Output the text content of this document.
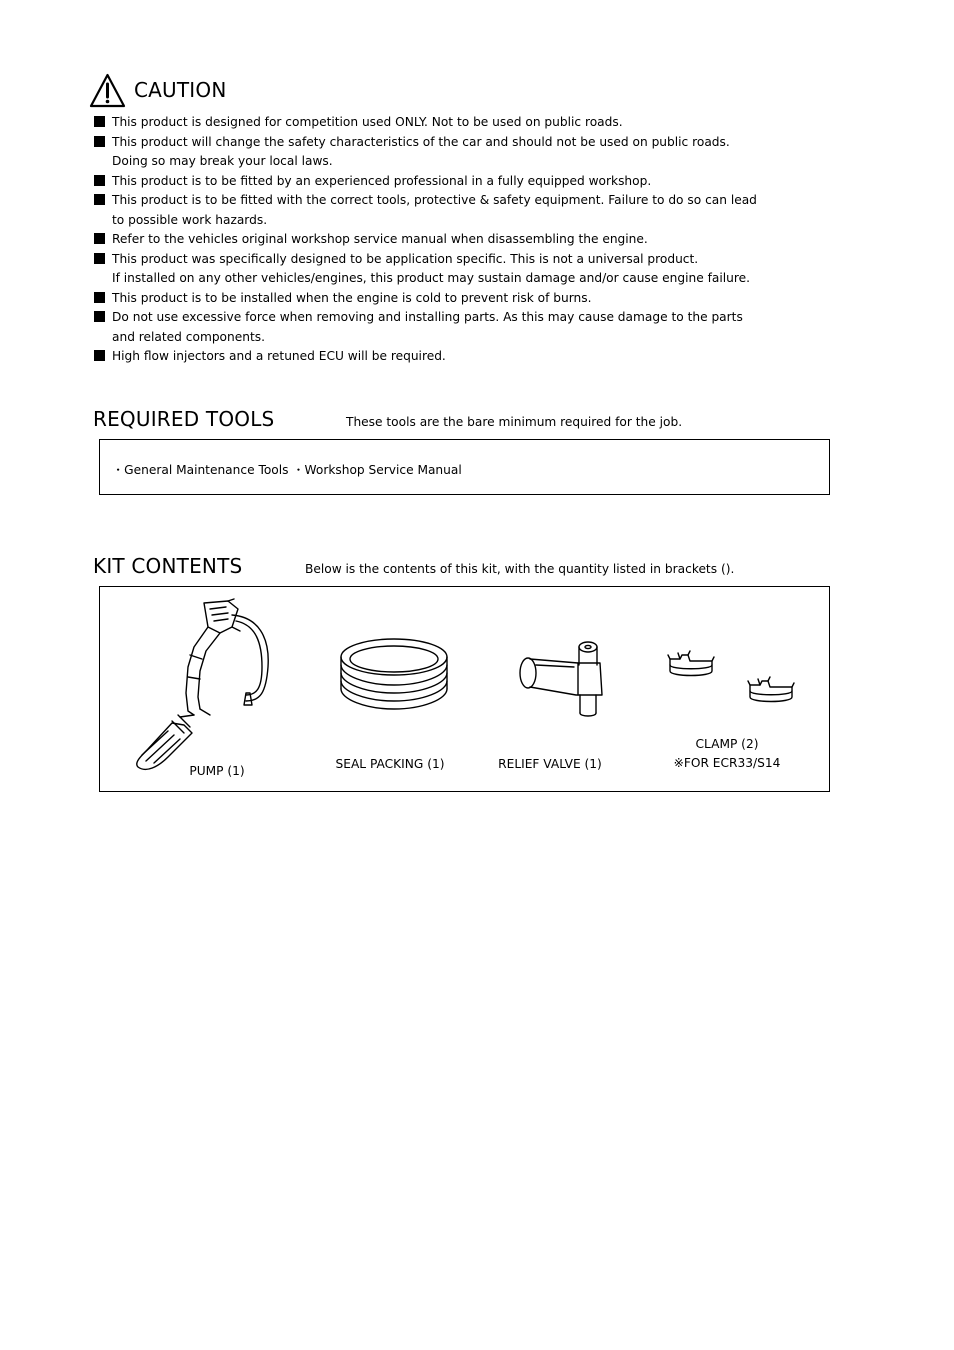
CAUTION
This product is designed for competition used ONLY. Not to be used on public roads.
This product will change the safety characteristics of the car and should not be used on public roads.
Doing so may break your local laws.
This product is to be fitted by an experienced professional in a fully equipped workshop.
This product is to be fitted with the correct tools, protective & safety equipment. Failure to do so can lead
to possible work hazards.
Refer to the vehicles original workshop service manual when disassembling the engine.
This product was specifically designed to be application specific. This is not a universal product.
If installed on any other vehicles/engines, this product may sustain damage and/or cause engine failure.
This product is to be installed when the engine is cold to prevent risk of burns.
Do not use excessive force when removing and installing parts. As this may cause damage to the parts
and related components.
High flow injectors and a retuned ECU will be required.
REQUIRED TOOLS	These tools are the bare minimum required for the job.
・General Maintenance Tools ・Workshop Service Manual
KIT CONTENTS	Below is the contents of this kit, with the quantity listed in brackets ().
PUMP (1)	SEAL PACKING (1)	RELIEF VALVE (1)
CLAMP (2)
※FOR ECR33/S14
